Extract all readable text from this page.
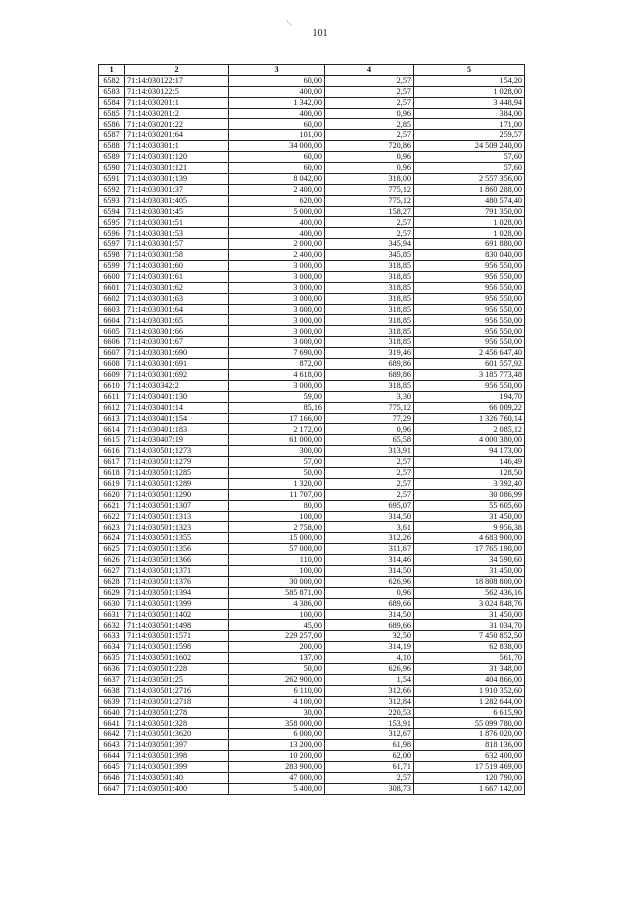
\ ,
101
1	2	3	4	5
6582	71:14:030122:17	60,00	2,57	154,20
6583	71:14:030122:5	400,00	2,57	1 028,00
6584	71:14:030201:1	1 342,00	2,57	3 448,94
6585	71:14:030201:2	400,00	0,96	384,00
6586	71:14:030201:22	60,00	2,85	171,00
6587	71:14:030201:64	101,00	2,57	259,57
6588	71:14:030301:1	34 000,00	720,86	24 509 240,00
6589	71:14:030301:120	60,00	0,96	57,60
6590	71:14:030301:121	60,00	0,96	57,60
6591	71:14:030301:139	8 042,00	318,00	2 557 356,00
6592	71:14:030301:37	2 400,00	775,12	1 860 288,00
6593	71:14:030301:405	620,00	775,12	480 574,40
6594	71:14:030301:45	5 000,00	158,27	791 350,00
6595	71:14:030301:51	400,00	2,57	1 028,00
6596	71:14:030301:53	400,00	2,57	1 028,00
6597	71:14:030301:57	2 000,00	345,94	691 880,00
6598	71:14:030301:58	2 400,00	345,85	830 040,00
6599	71:14:030301:60	3 000,00	318,85	956 550,00
6600	71:14:030301:61	3 000,00	318,85	956 550,00
6601	71:14:030301:62	3 000,00	318,85	956 550,00
6602	71:14:030301:63	3 000,00	318,85	956 550,00
6603	71:14:030301:64	3 000,00	318,85	956 550,00
6604	71:14:030301:65	3 000,00	318,85	956 550,00
6605	71:14:030301:66	3 000,00	318,85	956 550,00
6606	71:14:030301:67	3 000,00	318,85	956 550,00
6607	71:14:030301:690	7 690,00	319,46	2 456 647,40
6608	71:14:030301:691	872,00	689,86	601 557,92
6609	71:14:030301:692	4 618,00	689,86	3 185 773,48
6610	71:14:030342:2	3 000,00	318,85	956 550,00
6611	71:14:030401:130	59,00	3,30	194,70
6612	71:14:030401:14	85,16	775,12	66 009,22
6613	71:14:030401:154	17 166,00	77,29	1 326 760,14
6614	71:14:030401:183	2 172,00	0,96	2 085,12
6615	71:14:030407:19	61 000,00	65,58	4 000 380,00
6616	71:14:030501:1273	300,00	313,91	94 173,00
6617	71:14:030501:1279	57,00	2,57	146,49
6618	71:14:030501:1285	50,00	2,57	128,50
6619	71:14:030501:1289	1 320,00	2,57	3 392,40
6620	71:14:030501:1290	11 707,00	2,57	30 086,99
6621	71:14:030501:1307	80,00	695,07	55 605,60
6622	71:14:030501:1313	100,00	314,50	31 450,00
6623	71:14:030501:1323	2 758,00	3,61	9 956,38
6624	71:14:030501:1355	15 000,00	312,26	4 683 900,00
6625	71:14:030501:1356	57 000,00	311,67	17 765 190,00
6626	71:14:030501:1366	110,00	314,46	34 590,60
6627	71:14:030501:1371	100,00	314,50	31 450,00
6628	71:14:030501:1376	30 000,00	626,96	18 808 800,00
6629	71:14:030501:1394	585 871,00	0,96	562 436,16
6630	71:14:030501:1399	4 386,00	689,66	3 024 848,76
6631	71:14:030501:1402	100,00	314,50	31 450,00
6632	71:14:030501:1498	45,00	689,66	31 034,70
6633	71:14:030501:1571	229 257,00	32,50	7 450 852,50
6634	71:14:030501:1598	200,00	314,19	62 838,00
6635	71:14:030501:1602	137,00	4,10	561,70
6636	71:14:030501:228	50,00	626,96	31 348,00
6637	71:14:030501:25	262 900,00	1,54	404 866,00
6638	71:14:030501:2716	6 110,00	312,66	1 910 352,60
6639	71:14:030501:2718	4 100,00	312,84	1 282 644,00
6640	71:14:030501:278	30,00	220,53	6 615,90
6641	71:14:030501:328	358 000,00	153,91	55 099 780,00
6642	71:14:030501:3620	6 000,00	312,67	1 876 020,00
6643	71:14:030501:397	13 200,00	61,98	818 136,00
6644	71:14:030501:398	10 200,00	62,00	632 400,00
6645	71:14:030501:399	283 900,00	61,71	17 519 469,00
6646	71:14:030501:40	47 000,00	2,57	120 790,00
6647	71:14:030501:400	5 400,00	308,73	1 667 142,00
